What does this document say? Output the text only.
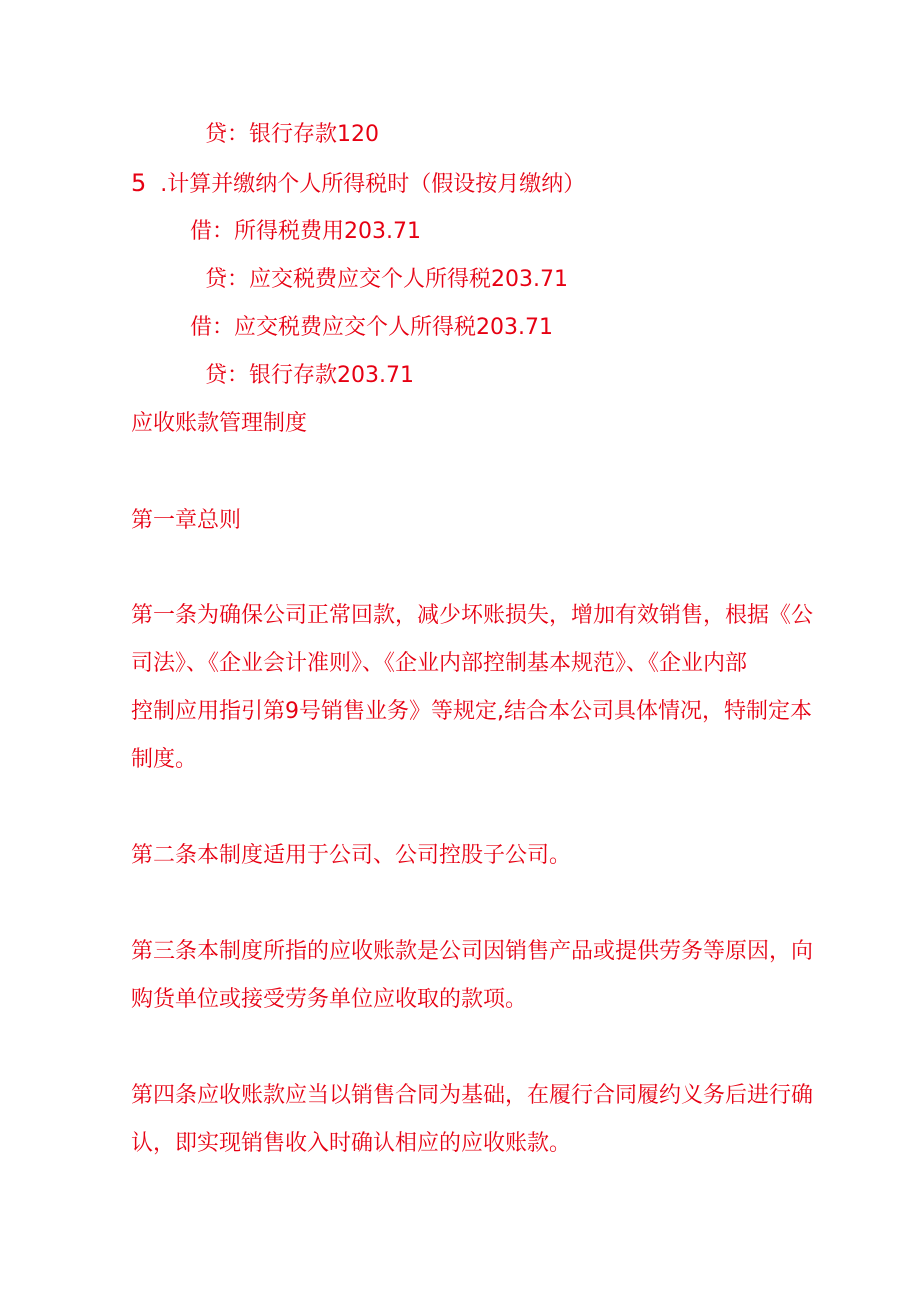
贷：银行存款120
5 .计算并缴纳个人所得税时（假设按月缴纳）
借：所得税费用203.71
贷：应交税费应交个人所得税203.71
借：应交税费应交个人所得税203.71
贷：银行存款203.71
应收账款管理制度
第一章总则
第一条为确保公司正常回款，减少坏账损失，增加有效销售，根据《公
司法》、《企业会计准则》、《企业内部控制基本规范》、《企业内部
控制应用指引第9号销售业务》等规定,结合本公司具体情况，特制定本
制度。
第二条本制度适用于公司、公司控股子公司。
第三条本制度所指的应收账款是公司因销售产品或提供劳务等原因，向
购货单位或接受劳务单位应收取的款项。
第四条应收账款应当以销售合同为基础，在履行合同履约义务后进行确
认，即实现销售收入时确认相应的应收账款。
